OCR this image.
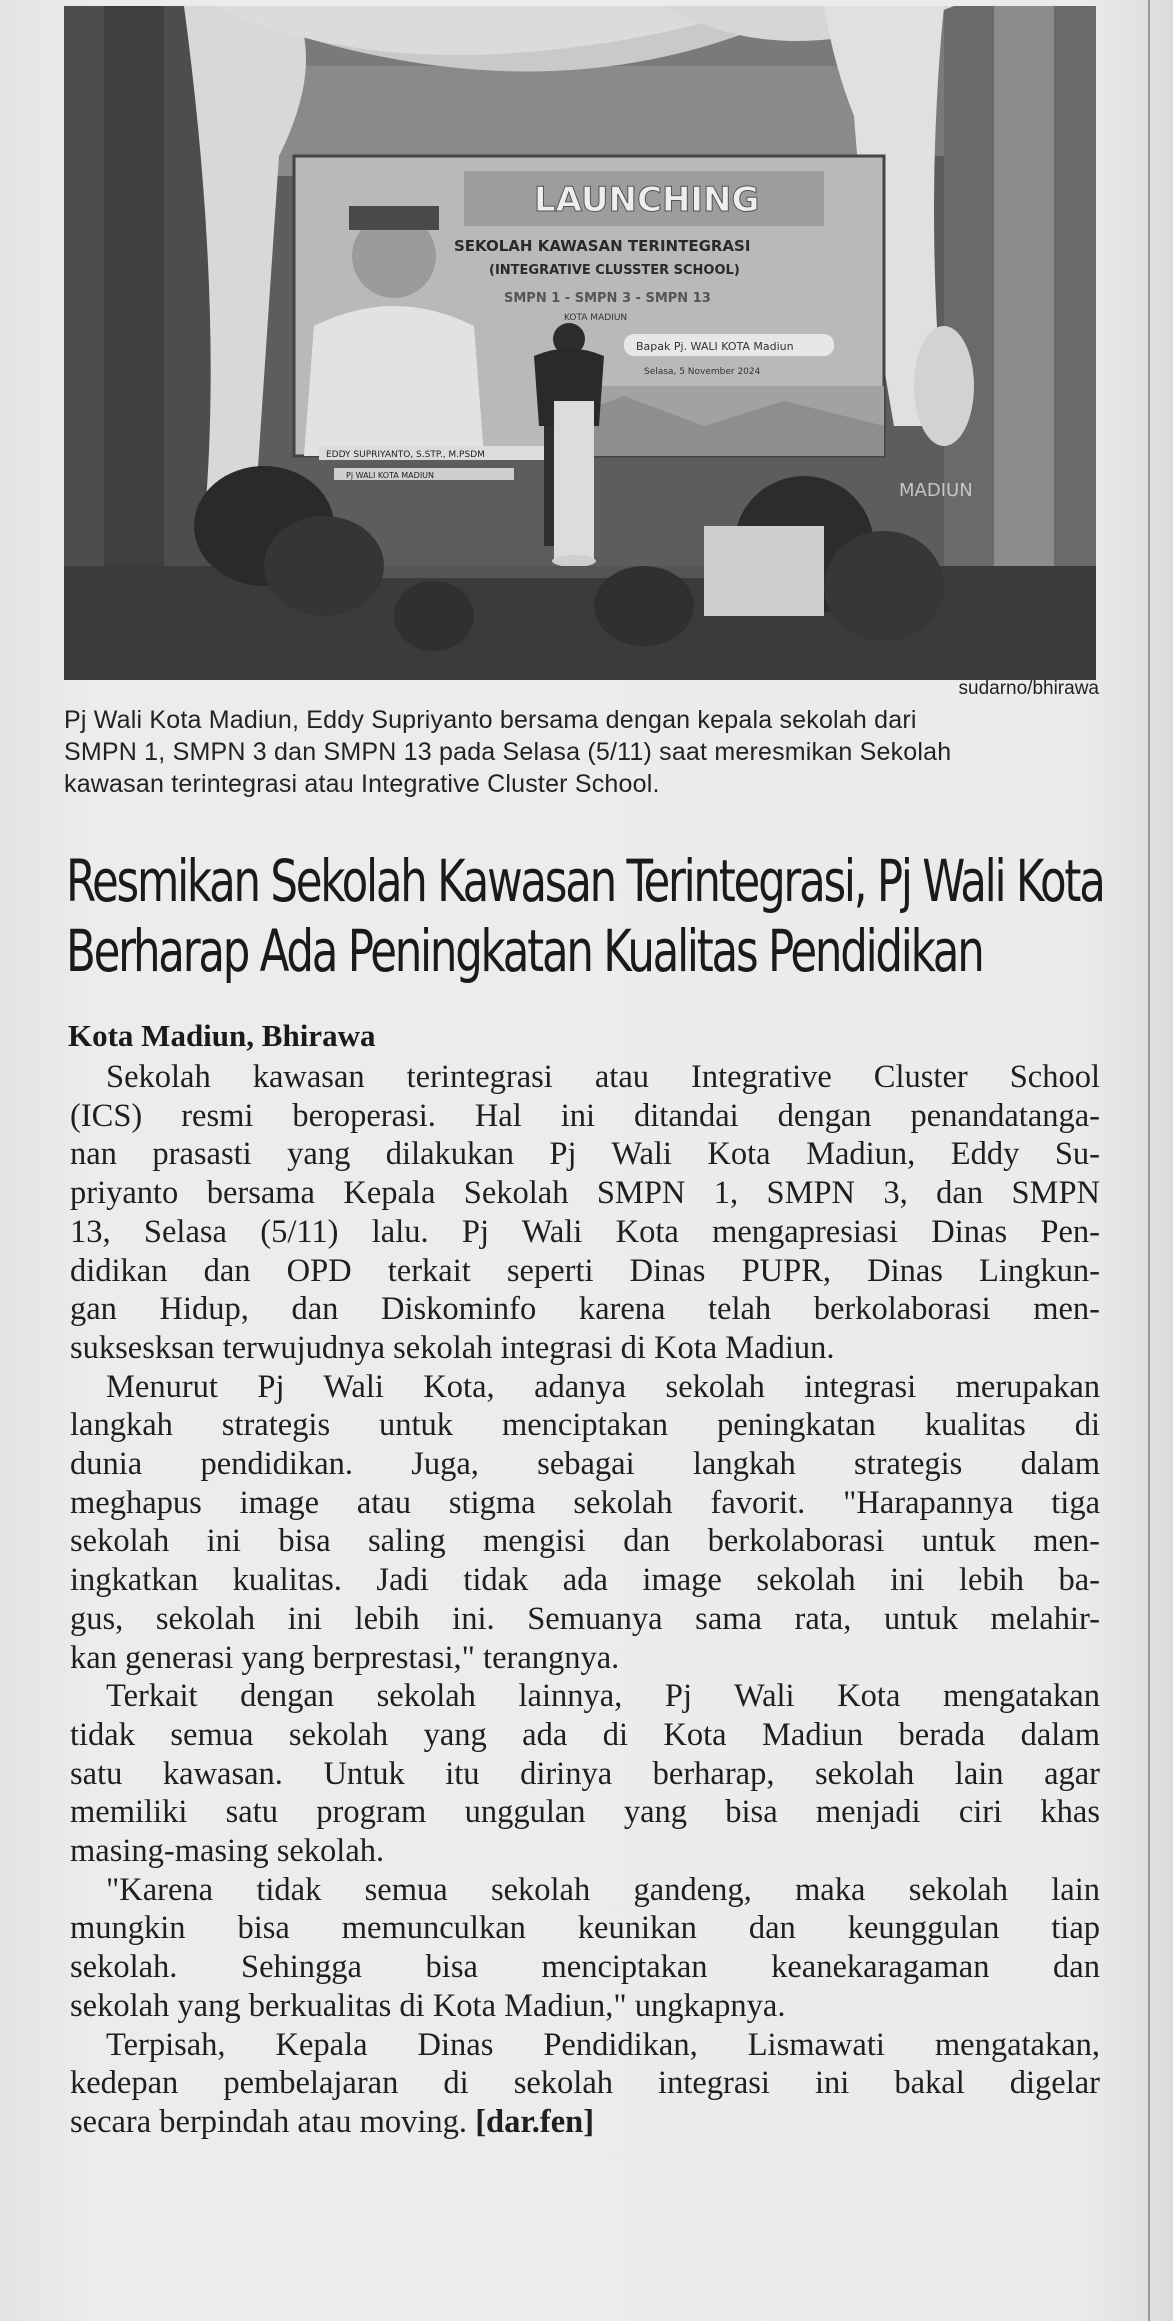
LAUNCHING
SEKOLAH KAWASAN TERINTEGRASI
(INTEGRATIVE CLUSSTER SCHOOL)
SMPN 1 - SMPN 3 - SMPN 13
KOTA MADIUN
Bapak Pj. WALI KOTA Madiun
Selasa, 5 November 2024
EDDY SUPRIYANTO, S.STP., M.PSDM
Pj WALI KOTA MADIUN
MADIUN
sudarno/bhirawa
Pj Wali Kota Madiun, Eddy Supriyanto bersama dengan kepala sekolah dari
SMPN 1, SMPN 3 dan SMPN 13 pada Selasa (5/11) saat meresmikan Sekolah
kawasan terintegrasi atau Integrative Cluster School.
Resmikan Sekolah Kawasan Terintegrasi, Pj Wali Kota
Berharap Ada Peningkatan Kualitas Pendidikan
Kota Madiun, Bhirawa
Sekolah kawasan terintegrasi atau Integrative Cluster School
(ICS) resmi beroperasi. Hal ini ditandai dengan penandatanga-
nan prasasti yang dilakukan Pj Wali Kota Madiun, Eddy Su-
priyanto bersama Kepala Sekolah SMPN 1, SMPN 3, dan SMPN
13, Selasa (5/11) lalu. Pj Wali Kota mengapresiasi Dinas Pen-
didikan dan OPD terkait seperti Dinas PUPR, Dinas Lingkun-
gan Hidup, dan Diskominfo karena telah berkolaborasi men-
suksesksan terwujudnya sekolah integrasi di Kota Madiun.
Menurut Pj Wali Kota, adanya sekolah integrasi merupakan
langkah strategis untuk menciptakan peningkatan kualitas di
dunia pendidikan. Juga, sebagai langkah strategis dalam
meghapus image atau stigma sekolah favorit. "Harapannya tiga
sekolah ini bisa saling mengisi dan berkolaborasi untuk men-
ingkatkan kualitas. Jadi tidak ada image sekolah ini lebih ba-
gus, sekolah ini lebih ini. Semuanya sama rata, untuk melahir-
kan generasi yang berprestasi," terangnya.
Terkait dengan sekolah lainnya, Pj Wali Kota mengatakan
tidak semua sekolah yang ada di Kota Madiun berada dalam
satu kawasan. Untuk itu dirinya berharap, sekolah lain agar
memiliki satu program unggulan yang bisa menjadi ciri khas
masing-masing sekolah.
"Karena tidak semua sekolah gandeng, maka sekolah lain
mungkin bisa memunculkan keunikan dan keunggulan tiap
sekolah. Sehingga bisa menciptakan keanekaragaman dan
sekolah yang berkualitas di Kota Madiun," ungkapnya.
Terpisah, Kepala Dinas Pendidikan, Lismawati mengatakan,
kedepan pembelajaran di sekolah integrasi ini bakal digelar
secara berpindah atau moving. [dar.fen]
